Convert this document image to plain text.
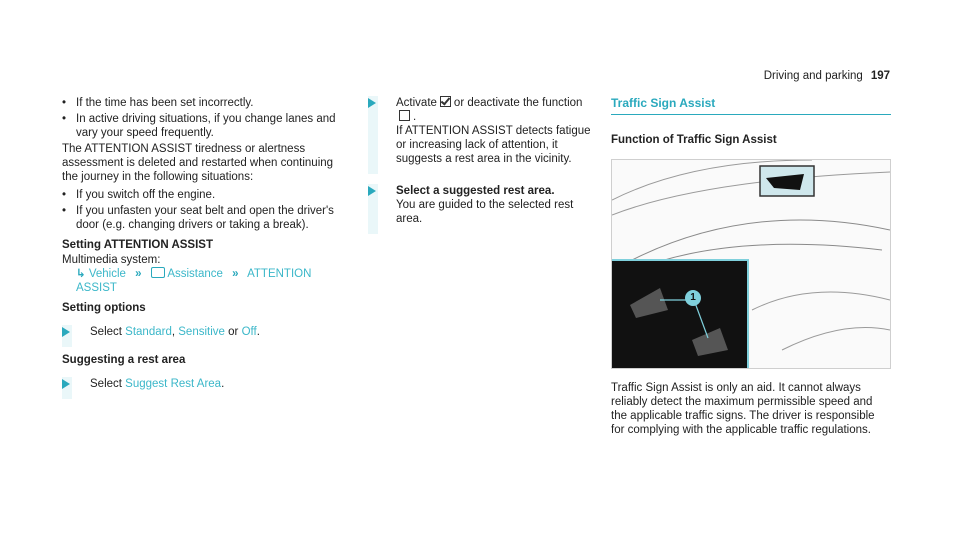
Driving and parking 197
• If the time has been set incorrectly.
• In active driving situations, if you change lanes and vary your speed frequently.
The ATTENTION ASSIST tiredness or alertness assessment is deleted and restarted when continuing the journey in the following situations:
• If you switch off the engine.
• If you unfasten your seat belt and open the driver's door (e.g. changing drivers or taking a break).
Setting ATTENTION ASSIST
Multimedia system:
↳ Vehicle » Assistance » ATTENTION ASSIST
Setting options
Select Standard, Sensitive or Off.
Suggesting a rest area
Select Suggest Rest Area.
Activate or deactivate the function.
If ATTENTION ASSIST detects fatigue or increasing lack of attention, it suggests a rest area in the vicinity.
Select a suggested rest area.
You are guided to the selected rest area.
Traffic Sign Assist
Function of Traffic Sign Assist
1
Traffic Sign Assist is only an aid. It cannot always reliably detect the maximum permissible speed and the applicable traffic signs. The driver is responsible for complying with the applicable traffic regulations.
